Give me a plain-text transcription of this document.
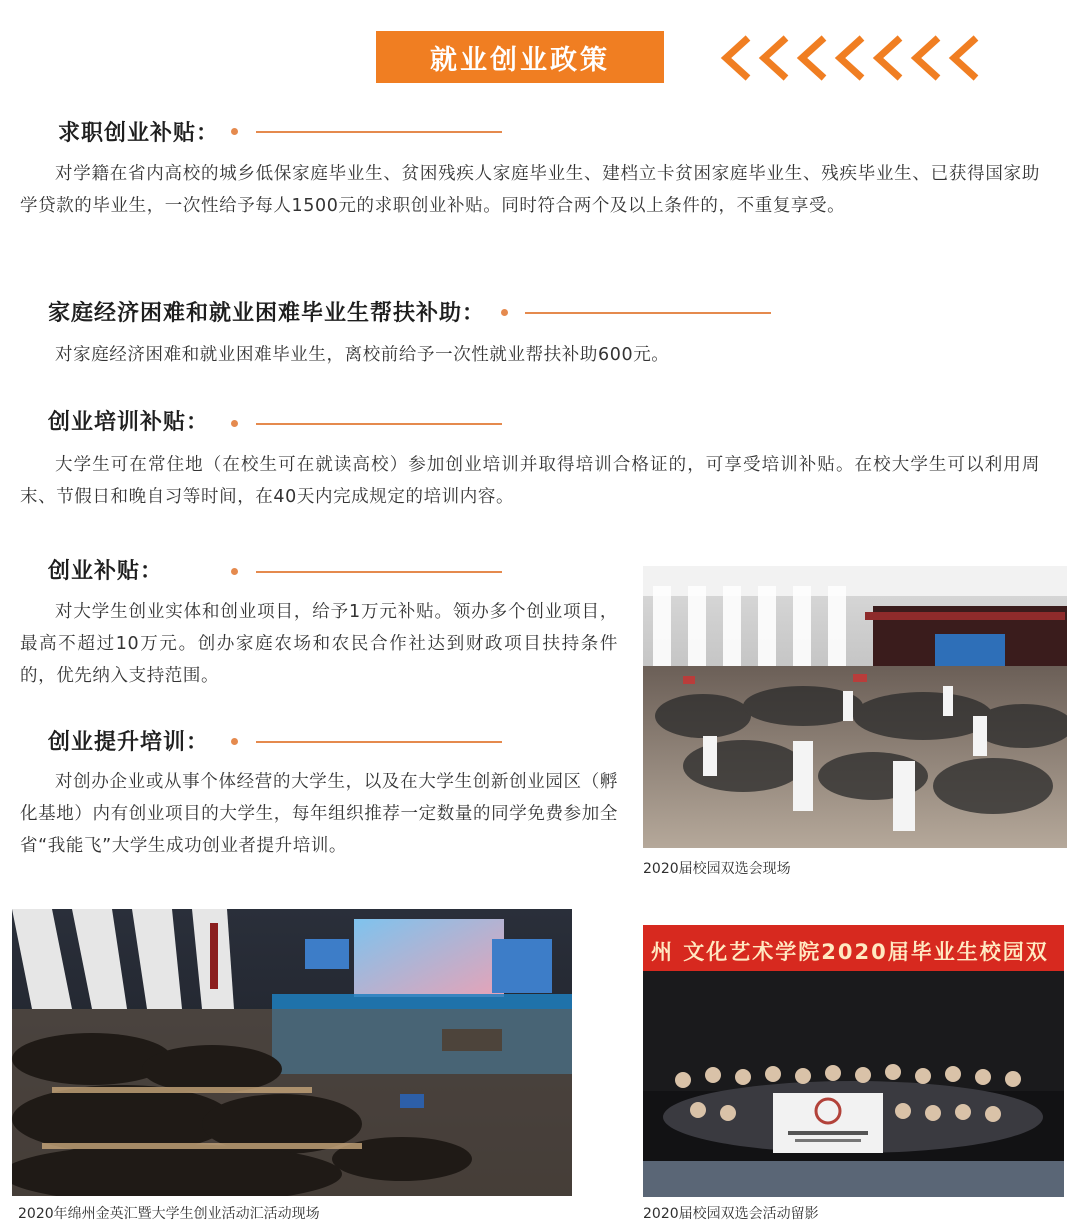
就业创业政策
求职创业补贴：
对学籍在省内高校的城乡低保家庭毕业生、贫困残疾人家庭毕业生、建档立卡贫困家庭毕业生、残疾毕业生、已获得国家助学贷款的毕业生，一次性给予每人1500元的求职创业补贴。同时符合两个及以上条件的，不重复享受。
家庭经济困难和就业困难毕业生帮扶补助：
对家庭经济困难和就业困难毕业生，离校前给予一次性就业帮扶补助600元。
创业培训补贴：
大学生可在常住地（在校生可在就读高校）参加创业培训并取得培训合格证的，可享受培训补贴。在校大学生可以利用周末、节假日和晚自习等时间，在40天内完成规定的培训内容。
创业补贴：
对大学生创业实体和创业项目，给予1万元补贴。领办多个创业项目，最高不超过10万元。创办家庭农场和农民合作社达到财政项目扶持条件的，优先纳入支持范围。
创业提升培训：
对创办企业或从事个体经营的大学生，以及在大学生创新创业园区（孵化基地）内有创业项目的大学生，每年组织推荐一定数量的同学免费参加全省“我能飞”大学生成功创业者提升培训。
2020届校园双选会现场
2020年绵州金英汇暨大学生创业活动汇活动现场
州 文化艺术学院2020届毕业生校园双
2020届校园双选会活动留影
